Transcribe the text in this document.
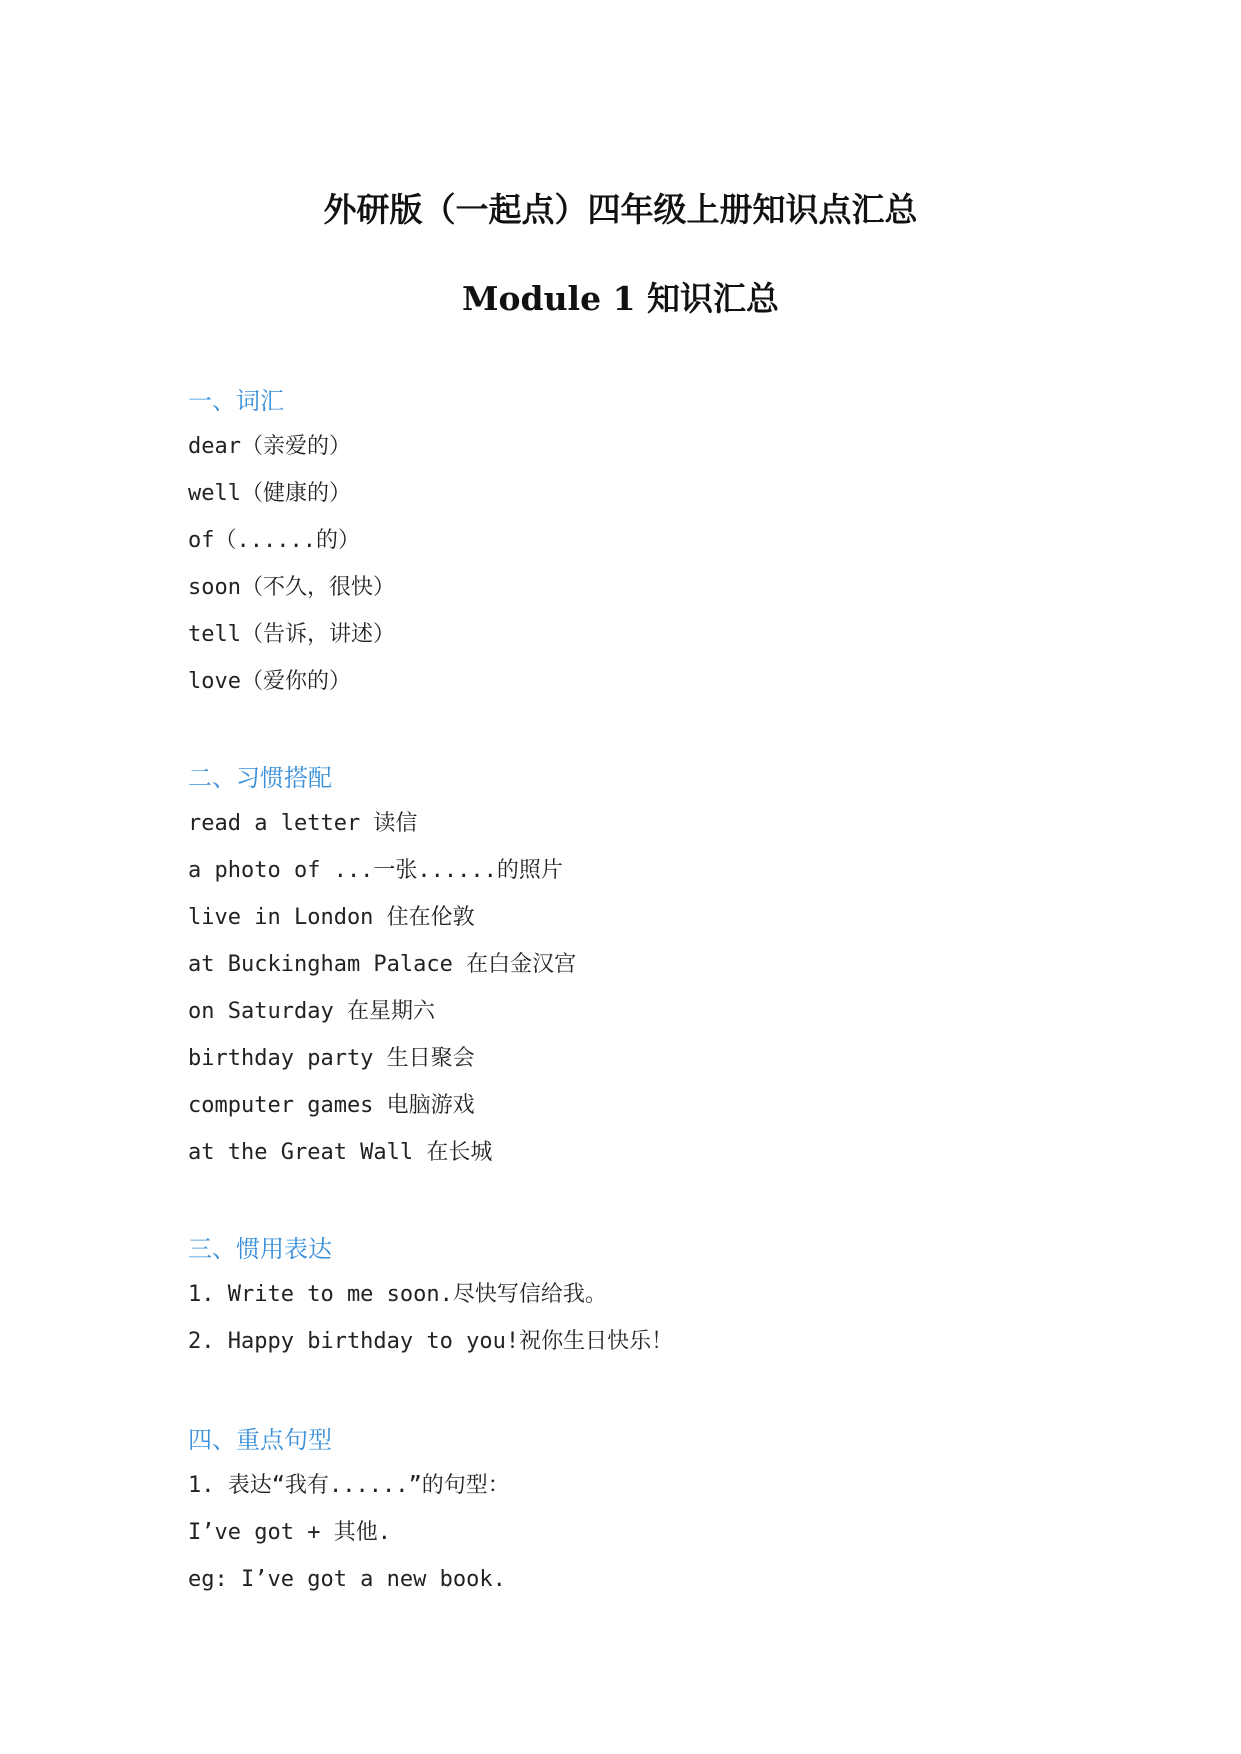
外研版（一起点）四年级上册知识点汇总
Module 1 知识汇总
一、词汇
dear（亲爱的）
well（健康的）
of（......的）
soon（不久，很快）
tell（告诉，讲述）
love（爱你的）
二、习惯搭配
read a letter 读信
a photo of ...一张......的照片
live in London 住在伦敦
at Buckingham Palace 在白金汉宫
on Saturday 在星期六
birthday party 生日聚会
computer games 电脑游戏
at the Great Wall 在长城
三、惯用表达
1. Write to me soon.尽快写信给我。
2. Happy birthday to you!祝你生日快乐！
四、重点句型
1. 表达“我有......”的句型：
I’ve got + 其他.
eg: I’ve got a new book.
